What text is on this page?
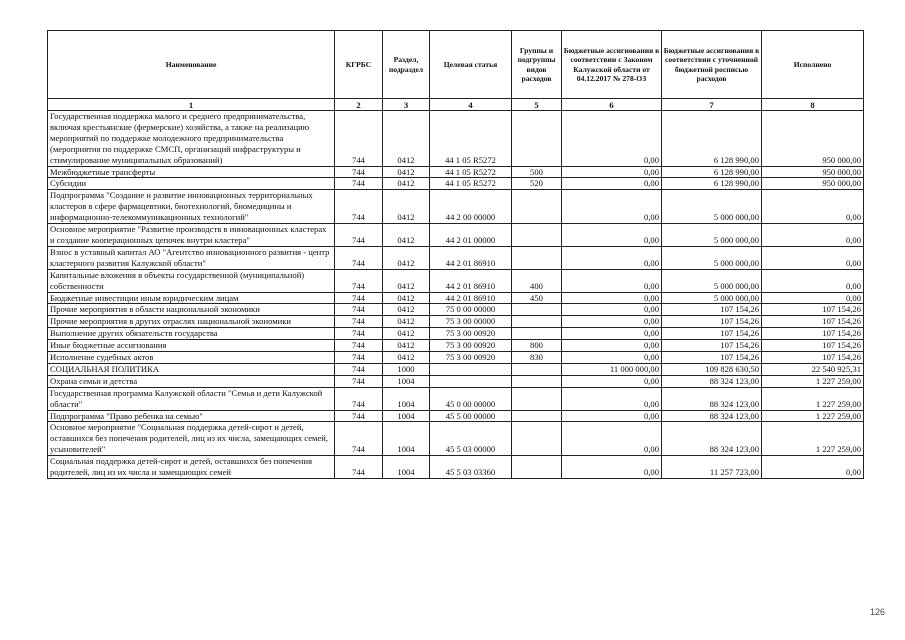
Наименование	КГРБС	Раздел, подраздел	Целевая статья	Группы и подгруппы видов расходов	Бюджетные ассигнования в соответствии с Законом Калужской области от 04.12.2017 № 278-ОЗ	Бюджетные ассигнования в соответствии с уточненной бюджетной росписью расходов	Исполнено
1	2	3	4	5	6	7	8
Государственная поддержка малого и среднего предпринимательства, включая крестьянские (фермерские) хозяйства, а также на реализацию мероприятий по поддержке молодежного предпринимательства (мероприятия по поддержке СМСП, организаций инфраструктуры и стимулирование муниципальных образований)	744	0412	44 1 05 R5272		0,00	6 128 990,00	950 000,00
Межбюджетные трансферты	744	0412	44 1 05 R5272	500	0,00	6 128 990,00	950 000,00
Субсидии	744	0412	44 1 05 R5272	520	0,00	6 128 990,00	950 000,00
Подпрограмма "Создание и развитие инновационных территориальных кластеров в сфере фармацевтики, биотехнологий, биомедицины и информационно-телекоммуникационных технологий"	744	0412	44 2 00 00000		0,00	5 000 000,00	0,00
Основное мероприятие "Развитие производств в инновационных кластерах и создание кооперационных цепочек внутри кластера"	744	0412	44 2 01 00000		0,00	5 000 000,00	0,00
Взнос в уставный капитал АО "Агентство инновационного развития - центр кластерного развития Калужской области"	744	0412	44 2 01 86910		0,00	5 000 000,00	0,00
Капитальные вложения в объекты государственной (муниципальной) собственности	744	0412	44 2 01 86910	400	0,00	5 000 000,00	0,00
Бюджетные инвестиции иным юридическим лицам	744	0412	44 2 01 86910	450	0,00	5 000 000,00	0,00
Прочие мероприятия в области национальной экономики	744	0412	75 0 00 00000		0,00	107 154,26	107 154,26
Прочие мероприятия в других отраслях национальной экономики	744	0412	75 3 00 00000		0,00	107 154,26	107 154,26
Выполнение других обязательств государства	744	0412	75 3 00 00920		0,00	107 154,26	107 154,26
Иные бюджетные ассигнования	744	0412	75 3 00 00920	800	0,00	107 154,26	107 154,26
Исполнение судебных актов	744	0412	75 3 00 00920	830	0,00	107 154,26	107 154,26
СОЦИАЛЬНАЯ ПОЛИТИКА	744	1000			11 000 000,00	109 828 630,50	22 540 925,31
Охрана семьи и детства	744	1004			0,00	88 324 123,00	1 227 259,00
Государственная программа Калужской области "Семья и дети Калужской области"	744	1004	45 0 00 00000		0,00	88 324 123,00	1 227 259,00
Подпрограмма "Право ребенка на семью"	744	1004	45 5 00 00000		0,00	88 324 123,00	1 227 259,00
Основное мероприятие "Социальная поддержка детей-сирот и детей, оставшихся без попечения родителей, лиц из их числа, замещающих семей, усыновителей"	744	1004	45 5 03 00000		0,00	88 324 123,00	1 227 259,00
Социальная поддержка детей-сирот и детей, оставшихся без попечения родителей, лиц из их числа и замещающих семей	744	1004	45 5 03 03360		0,00	11 257 723,00	0,00
126
